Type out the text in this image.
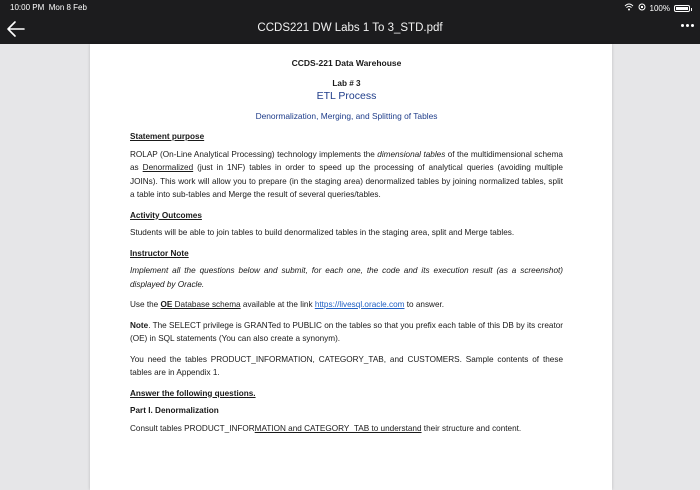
10:00 PM Mon 8 Feb	100%
CCDS221 DW Labs 1 To 3_STD.pdf
CCDS-221 Data Warehouse
Lab # 3
ETL Process
Denormalization, Merging, and Splitting of Tables
Statement purpose
ROLAP (On-Line Analytical Processing) technology implements the dimensional tables of the multidimensional schema as Denormalized (just in 1NF) tables in order to speed up the processing of analytical queries (avoiding multiple JOINs). This work will allow you to prepare (in the staging area) denormalized tables by joining normalized tables, split a table into sub-tables and Merge the result of several queries/tables.
Activity Outcomes
Students will be able to join tables to build denormalized tables in the staging area, split and Merge tables.
Instructor Note
Implement all the questions below and submit, for each one, the code and its execution result (as a screenshot) displayed by Oracle.
Use the OE Database schema available at the link https://livesql.oracle.com to answer.
Note. The SELECT privilege is GRANTed to PUBLIC on the tables so that you prefix each table of this DB by its creator (OE) in SQL statements (You can also create a synonym).
You need the tables PRODUCT_INFORMATION, CATEGORY_TAB, and CUSTOMERS. Sample contents of these tables are in Appendix 1.
Answer the following questions.
Part I. Denormalization
Consult tables PRODUCT_INFORMATION and CATEGORY_TAB to understand their structure and content.
